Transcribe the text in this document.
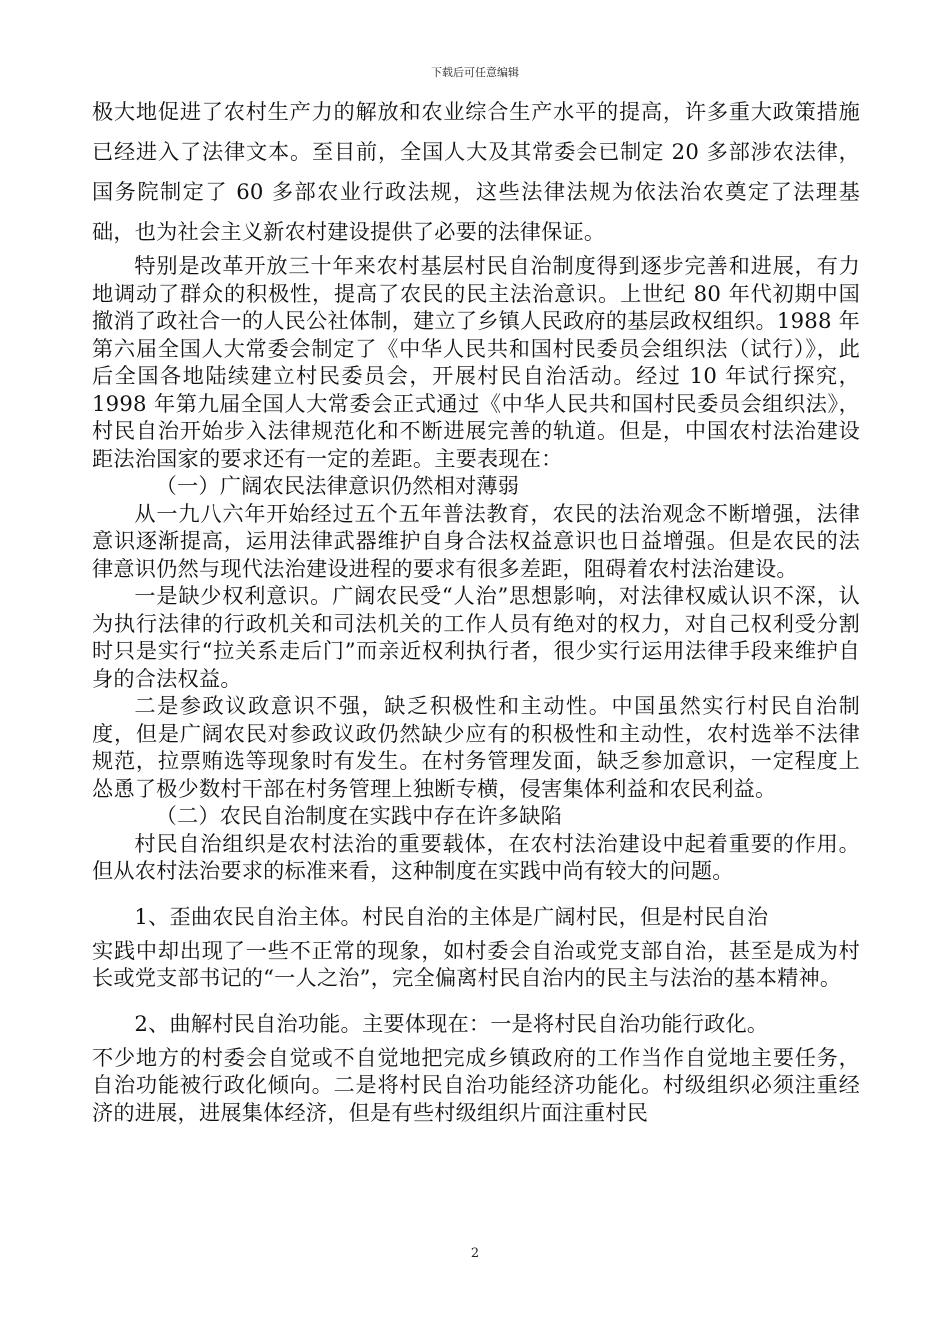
下载后可任意编辑

极大地促进了农村生产力的解放和农业综合生产水平的提高，许多重大政策措施已经进入了法律文本。至目前，全国人大及其常委会已制定 20 多部涉农法律，国务院制定了 60 多部农业行政法规，这些法律法规为依法治农奠定了法理基础，也为社会主义新农村建设提供了必要的法律保证。

特别是改革开放三十年来农村基层村民自治制度得到逐步完善和进展，有力地调动了群众的积极性，提高了农民的民主法治意识。上世纪 80 年代初期中国撤消了政社合一的人民公社体制，建立了乡镇人民政府的基层政权组织。1988 年第六届全国人大常委会制定了《中华人民共和国村民委员会组织法（试行）》，此后全国各地陆续建立村民委员会，开展村民自治活动。经过 10 年试行探究，1998 年第九届全国人大常委会正式通过《中华人民共和国村民委员会组织法》，村民自治开始步入法律规范化和不断进展完善的轨道。但是，中国农村法治建设距法治国家的要求还有一定的差距。主要表现在：

（一）广阔农民法律意识仍然相对薄弱

从一九八六年开始经过五个五年普法教育，农民的法治观念不断增强，法律意识逐渐提高，运用法律武器维护自身合法权益意识也日益增强。但是农民的法律意识仍然与现代法治建设进程的要求有很多差距，阻碍着农村法治建设。

一是缺少权利意识。广阔农民受“人治”思想影响，对法律权威认识不深，认为执行法律的行政机关和司法机关的工作人员有绝对的权力，对自己权利受分割时只是实行“拉关系走后门”而亲近权利执行者，很少实行运用法律手段来维护自身的合法权益。

二是参政议政意识不强，缺乏积极性和主动性。中国虽然实行村民自治制度，但是广阔农民对参政议政仍然缺少应有的积极性和主动性，农村选举不法律规范，拉票贿选等现象时有发生。在村务管理发面，缺乏参加意识，一定程度上怂恿了极少数村干部在村务管理上独断专横，侵害集体利益和农民利益。

（二）农民自治制度在实践中存在许多缺陷

村民自治组织是农村法治的重要载体，在农村法治建设中起着重要的作用。但从农村法治要求的标准来看，这种制度在实践中尚有较大的问题。

1、歪曲农民自治主体。村民自治的主体是广阔村民，但是村民自治

实践中却出现了一些不正常的现象，如村委会自治或党支部自治，甚至是成为村长或党支部书记的“一人之治”，完全偏离村民自治内的民主与法治的基本精神。

2、曲解村民自治功能。主要体现在：一是将村民自治功能行政化。

不少地方的村委会自觉或不自觉地把完成乡镇政府的工作当作自觉地主要任务，自治功能被行政化倾向。二是将村民自治功能经济功能化。村级组织必须注重经济的进展，进展集体经济，但是有些村级组织片面注重村民

2
